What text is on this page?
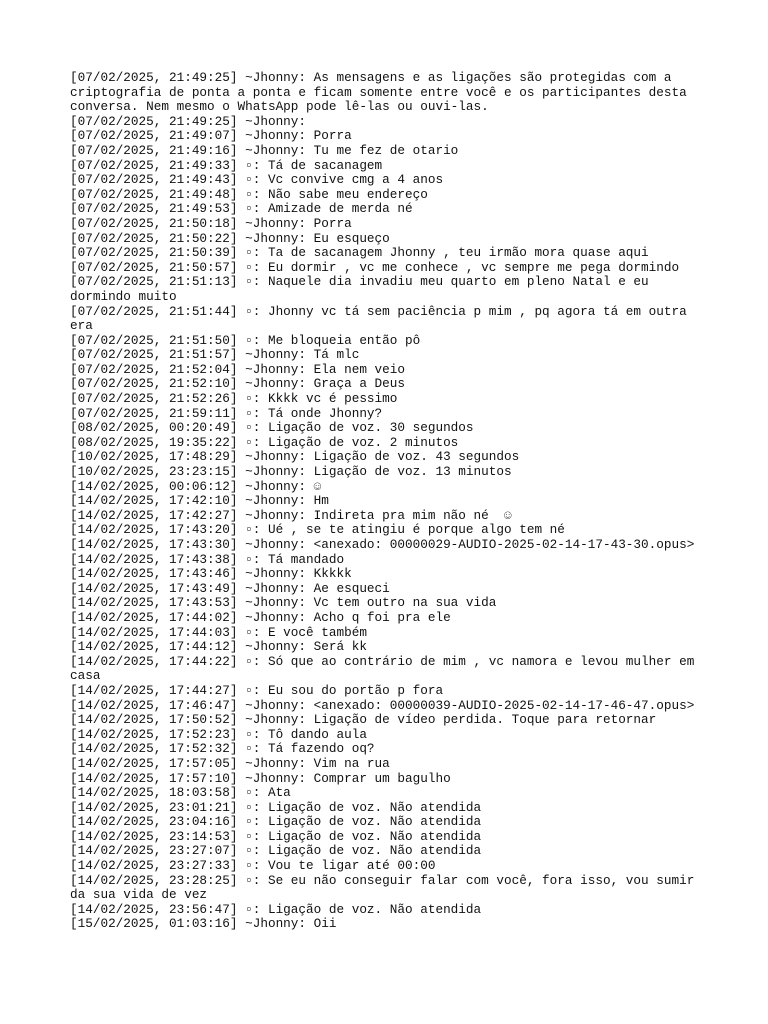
[07/02/2025, 21:49:25] ~Jhonny: As mensagens e as ligações são protegidas com a criptografia de ponta a ponta e ficam somente entre você e os participantes desta conversa. Nem mesmo o WhatsApp pode lê-las ou ouvi-las.

[07/02/2025, 21:49:25] ~Jhonny:

[07/02/2025, 21:49:07] ~Jhonny: Porra

[07/02/2025, 21:49:16] ~Jhonny: Tu me fez de otario

[07/02/2025, 21:49:33] ▫: Tá de sacanagem

[07/02/2025, 21:49:43] ▫: Vc convive cmg a 4 anos

[07/02/2025, 21:49:48] ▫: Não sabe meu endereço

[07/02/2025, 21:49:53] ▫: Amizade de merda né

[07/02/2025, 21:50:18] ~Jhonny: Porra

[07/02/2025, 21:50:22] ~Jhonny: Eu esqueço

[07/02/2025, 21:50:39] ▫: Ta de sacanagem Jhonny , teu irmão mora quase aqui

[07/02/2025, 21:50:57] ▫: Eu dormir , vc me conhece , vc sempre me pega dormindo

[07/02/2025, 21:51:13] ▫: Naquele dia invadiu meu quarto em pleno Natal e eu dormindo muito

[07/02/2025, 21:51:44] ▫: Jhonny vc tá sem paciência p mim , pq agora tá em outra era

[07/02/2025, 21:51:50] ▫: Me bloqueia então pô

[07/02/2025, 21:51:57] ~Jhonny: Tá mlc

[07/02/2025, 21:52:04] ~Jhonny: Ela nem veio

[07/02/2025, 21:52:10] ~Jhonny: Graça a Deus

[07/02/2025, 21:52:26] ▫: Kkkk vc é pessimo

[07/02/2025, 21:59:11] ▫: Tá onde Jhonny?

[08/02/2025, 00:20:49] ▫: Ligação de voz. 30 segundos

[08/02/2025, 19:35:22] ▫: Ligação de voz. 2 minutos

[10/02/2025, 17:48:29] ~Jhonny: Ligação de voz. 43 segundos

[10/02/2025, 23:23:15] ~Jhonny: Ligação de voz. 13 minutos

[14/02/2025, 00:06:12] ~Jhonny: ☺

[14/02/2025, 17:42:10] ~Jhonny: Hm

[14/02/2025, 17:42:27] ~Jhonny: Indireta pra mim não né  ☺

[14/02/2025, 17:43:20] ▫: Ué , se te atingiu é porque algo tem né

[14/02/2025, 17:43:30] ~Jhonny: <anexado: 00000029-AUDIO-2025-02-14-17-43-30.opus>

[14/02/2025, 17:43:38] ▫: Tá mandado

[14/02/2025, 17:43:46] ~Jhonny: Kkkkk

[14/02/2025, 17:43:49] ~Jhonny: Ae esqueci

[14/02/2025, 17:43:53] ~Jhonny: Vc tem outro na sua vida

[14/02/2025, 17:44:02] ~Jhonny: Acho q foi pra ele

[14/02/2025, 17:44:03] ▫: E você também

[14/02/2025, 17:44:12] ~Jhonny: Será kk

[14/02/2025, 17:44:22] ▫: Só que ao contrário de mim , vc namora e levou mulher em casa

[14/02/2025, 17:44:27] ▫: Eu sou do portão p fora

[14/02/2025, 17:46:47] ~Jhonny: <anexado: 00000039-AUDIO-2025-02-14-17-46-47.opus>

[14/02/2025, 17:50:52] ~Jhonny: Ligação de vídeo perdida. Toque para retornar

[14/02/2025, 17:52:23] ▫: Tô dando aula

[14/02/2025, 17:52:32] ▫: Tá fazendo oq?

[14/02/2025, 17:57:05] ~Jhonny: Vim na rua

[14/02/2025, 17:57:10] ~Jhonny: Comprar um bagulho

[14/02/2025, 18:03:58] ▫: Ata

[14/02/2025, 23:01:21] ▫: Ligação de voz. Não atendida

[14/02/2025, 23:04:16] ▫: Ligação de voz. Não atendida

[14/02/2025, 23:14:53] ▫: Ligação de voz. Não atendida

[14/02/2025, 23:27:07] ▫: Ligação de voz. Não atendida

[14/02/2025, 23:27:33] ▫: Vou te ligar até 00:00

[14/02/2025, 23:28:25] ▫: Se eu não conseguir falar com você, fora isso, vou sumir da sua vida de vez

[14/02/2025, 23:56:47] ▫: Ligação de voz. Não atendida

[15/02/2025, 01:03:16] ~Jhonny: Oii
